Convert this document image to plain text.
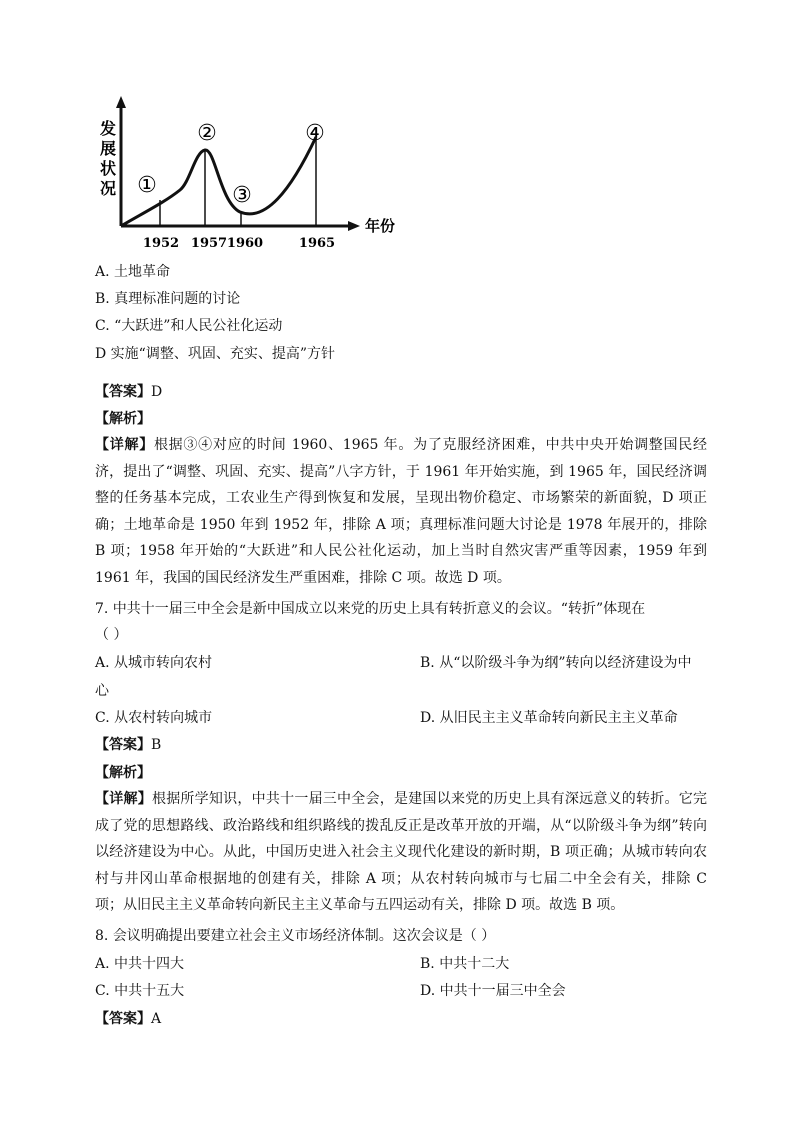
发
展
状
况
年份
1952 1957 1960	1965
①
②
③
④
A. 土地革命
B. 真理标准问题的讨论
C. “大跃进”和人民公社化运动
D 实施“调整、巩固、充实、提高”方针
【答案】D
【解析】

【详解】根据③④对应的时间 1960、1965 年。为了克服经济困难，中共中央开始调整国民经济，提出了“调整、巩固、充实、提高”八字方针，于 1961 年开始实施，到 1965 年，国民经济调整的任务基本完成，工农业生产得到恢复和发展，呈现出物价稳定、市场繁荣的新面貌，D 项正确；土地革命是 1950 年到 1952 年，排除 A 项；真理标准问题大讨论是 1978 年展开的，排除 B 项；1958 年开始的“大跃进”和人民公社化运动，加上当时自然灾害严重等因素，1959 年到 1961 年，我国的国民经济发生严重困难，排除 C 项。故选 D 项。

7. 中共十一届三中全会是新中国成立以来党的历史上具有转折意义的会议。“转折”体现在
（ ）
A. 从城市转向农村	B. 从“以阶级斗争为纲”转向以经济建设为中
心
C. 从农村转向城市	D. 从旧民主主义革命转向新民主主义革命
【答案】B
【解析】

【详解】根据所学知识，中共十一届三中全会，是建国以来党的历史上具有深远意义的转折。它完成了党的思想路线、政治路线和组织路线的拨乱反正是改革开放的开端，从“以阶级斗争为纲”转向以经济建设为中心。从此，中国历史进入社会主义现代化建设的新时期，B 项正确；从城市转向农村与井冈山革命根据地的创建有关，排除 A 项；从农村转向城市与七届二中全会有关，排除 C 项；从旧民主主义革命转向新民主主义革命与五四运动有关，排除 D 项。故选 B 项。

8. 会议明确提出要建立社会主义市场经济体制。这次会议是（ ）
A. 中共十四大	B. 中共十二大
C. 中共十五大	D. 中共十一届三中全会
【答案】A
